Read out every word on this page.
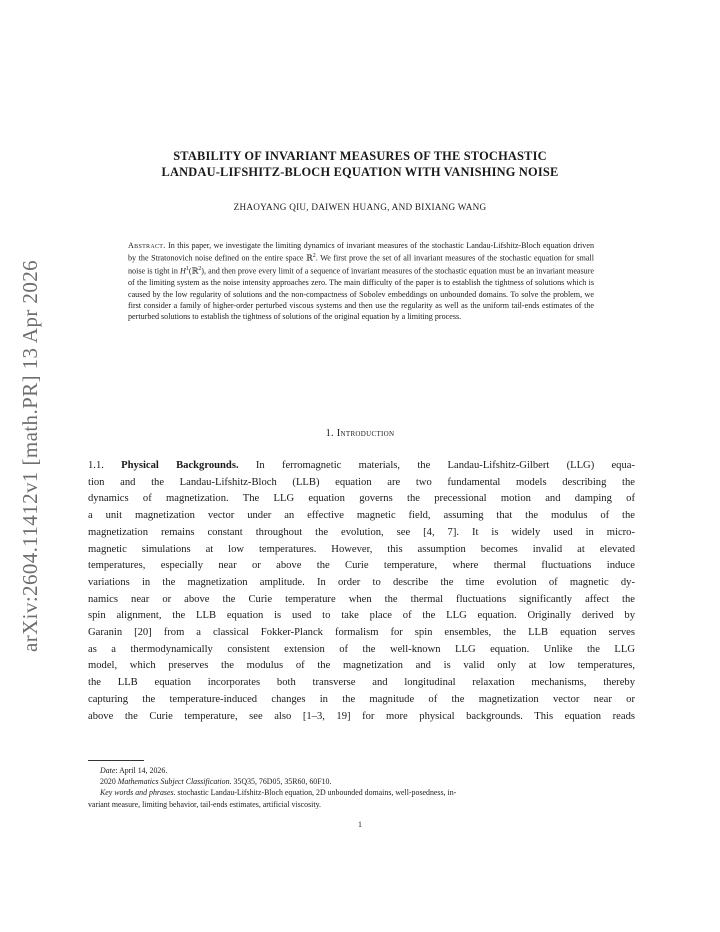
arXiv:2604.11412v1 [math.PR] 13 Apr 2026
STABILITY OF INVARIANT MEASURES OF THE STOCHASTIC
LANDAU-LIFSHITZ-BLOCH EQUATION WITH VANISHING NOISE
ZHAOYANG QIU, DAIWEN HUANG, AND BIXIANG WANG
Abstract. In this paper, we investigate the limiting dynamics of invariant measures of the stochastic Landau-Lifshitz-Bloch equation driven by the Stratonovich noise defined on the entire space ℝ$^2$. We first prove the set of all invariant measures of the stochastic equation for small noise is tight in $H^1(ℝ^2)$, and then prove every limit of a sequence of invariant measures of the stochastic equation must be an invariant measure of the limiting system as the noise intensity approaches zero. The main difficulty of the paper is to establish the tightness of solutions which is caused by the low regularity of solutions and the non-compactness of Sobolev embeddings on unbounded domains. To solve the problem, we first consider a family of higher-order perturbed viscous systems and then use the regularity as well as the uniform tail-ends estimates of the perturbed solutions to establish the tightness of solutions of the original equation by a limiting process.
1. Introduction
1.1. Physical Backgrounds. In ferromagnetic materials, the Landau-Lifshitz-Gilbert (LLG) equa-
tion and the Landau-Lifshitz-Bloch (LLB) equation are two fundamental models describing the
dynamics of magnetization. The LLG equation governs the precessional motion and damping of
a unit magnetization vector under an effective magnetic field, assuming that the modulus of the
magnetization remains constant throughout the evolution, see [4, 7]. It is widely used in micro-
magnetic simulations at low temperatures. However, this assumption becomes invalid at elevated
temperatures, especially near or above the Curie temperature, where thermal fluctuations induce
variations in the magnetization amplitude. In order to describe the time evolution of magnetic dy-
namics near or above the Curie temperature when the thermal fluctuations significantly affect the
spin alignment, the LLB equation is used to take place of the LLG equation. Originally derived by
Garanin [20] from a classical Fokker-Planck formalism for spin ensembles, the LLB equation serves
as a thermodynamically consistent extension of the well-known LLG equation. Unlike the LLG
model, which preserves the modulus of the magnetization and is valid only at low temperatures,
the LLB equation incorporates both transverse and longitudinal relaxation mechanisms, thereby
capturing the temperature-induced changes in the magnitude of the magnetization vector near or
above the Curie temperature, see also [1–3, 19] for more physical backgrounds. This equation reads
Date: April 14, 2026.
2020 Mathematics Subject Classification. 35Q35, 76D05, 35R60, 60F10.
Key words and phrases. stochastic Landau-Lifshitz-Bloch equation, 2D unbounded domains, well-posedness, in-
variant measure, limiting behavior, tail-ends estimates, artificial viscosity.
1
